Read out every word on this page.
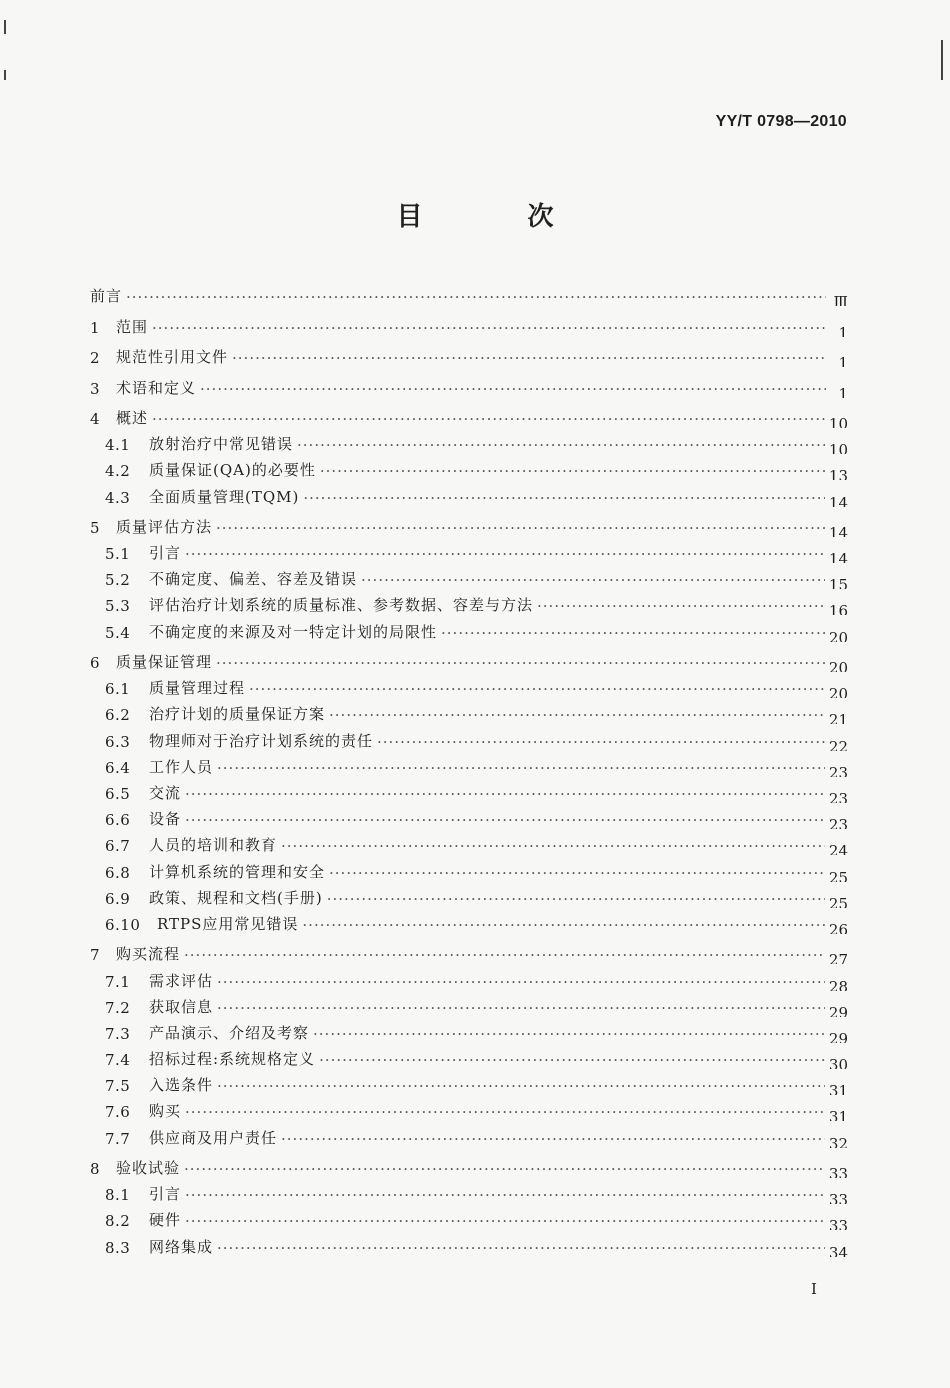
YY/T 0798—2010
目 次
前言 ·····	Ⅲ
1	范围 ·····	1
2	规范性引用文件 ·····	1
3	术语和定义 ·····	1
4	概述 ·····	10
4.1	放射治疗中常见错误 ·····	10
4.2	质量保证(QA)的必要性 ·····	13
4.3	全面质量管理(TQM) ·····	14
5	质量评估方法 ·····	14
5.1	引言 ·····	14
5.2	不确定度、偏差、容差及错误 ·····	15
5.3	评估治疗计划系统的质量标准、参考数据、容差与方法 ·····	16
5.4	不确定度的来源及对一特定计划的局限性 ·····	20
6	质量保证管理 ·····	20
6.1	质量管理过程 ·····	20
6.2	治疗计划的质量保证方案 ·····	21
6.3	物理师对于治疗计划系统的责任 ·····	22
6.4	工作人员 ·····	23
6.5	交流 ·····	23
6.6	设备 ·····	23
6.7	人员的培训和教育 ·····	24
6.8	计算机系统的管理和安全 ·····	25
6.9	政策、规程和文档(手册) ·····	25
6.10	RTPS应用常见错误 ·····	26
7	购买流程 ·····	27
7.1	需求评估 ·····	28
7.2	获取信息 ·····	29
7.3	产品演示、介绍及考察 ·····	29
7.4	招标过程:系统规格定义 ·····	30
7.5	入选条件 ·····	31
7.6	购买 ·····	31
7.7	供应商及用户责任 ·····	32
8	验收试验 ·····	33
8.1	引言 ·····	33
8.2	硬件 ·····	33
8.3	网络集成 ·····	34
I
